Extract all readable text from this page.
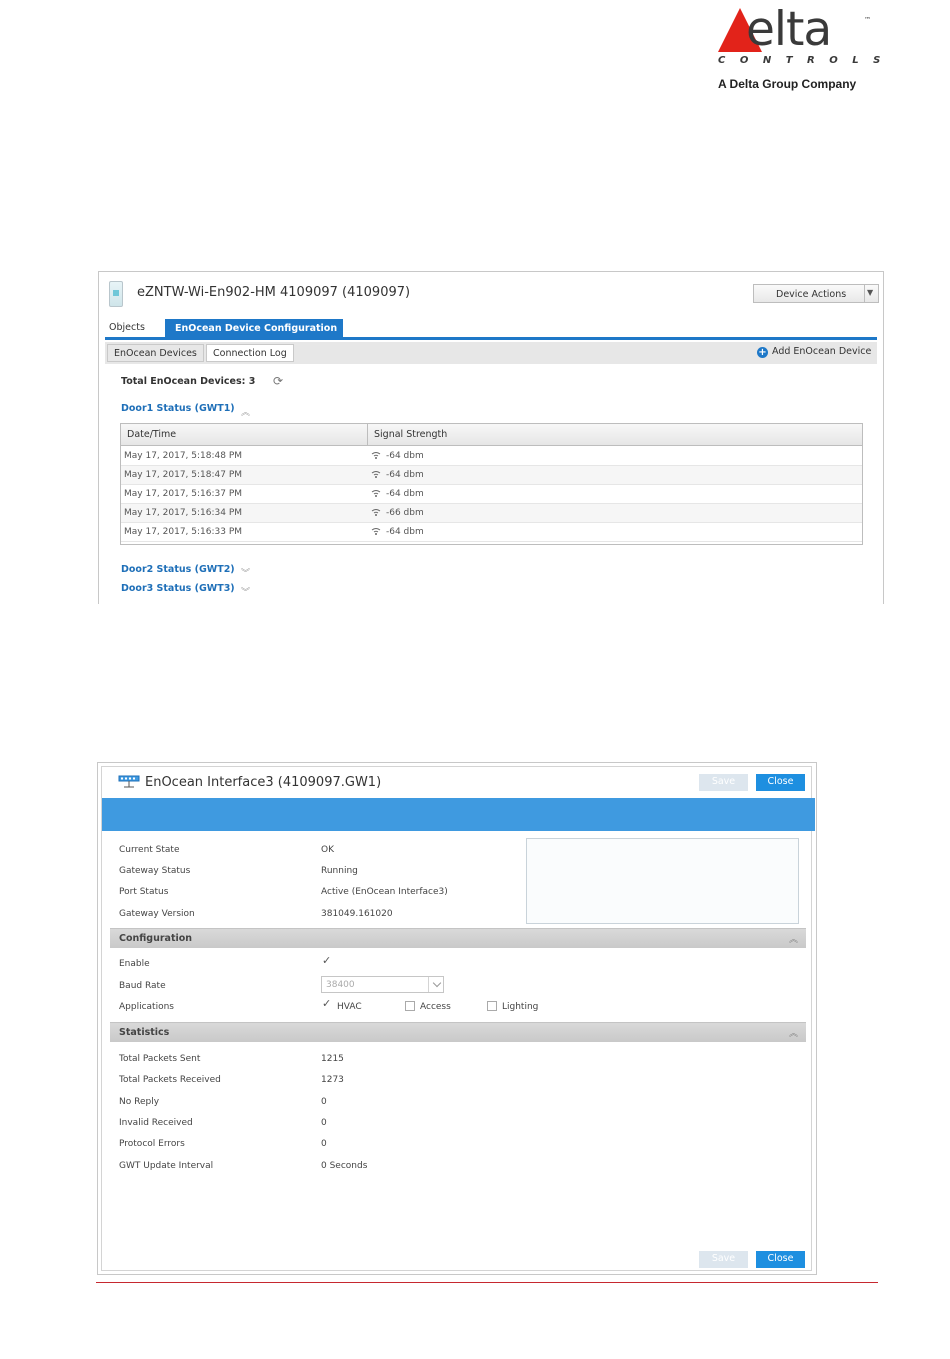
elta	™
CONTROLS
A Delta Group Company
eZNTW-Wi-En902-HM 4109097 (4109097)	Device Actions	▼
Objects	EnOcean Device Configuration
EnOcean Devices	Connection Log	+ Add EnOcean Device
Total EnOcean Devices: 3 ⟳
Door1 Status (GWT1) ︽
Date/Time	Signal Strength
May 17, 2017, 5:18:48 PM	-64 dbm
May 17, 2017, 5:18:47 PM	-64 dbm
May 17, 2017, 5:16:37 PM	-64 dbm
May 17, 2017, 5:16:34 PM	-66 dbm
May 17, 2017, 5:16:33 PM	-64 dbm
Door2 Status (GWT2) ︾
Door3 Status (GWT3) ︾
EnOcean Interface3 (4109097.GW1)	Save	Close
Current State	OK
Gateway Status	Running
Port Status	Active (EnOcean Interface3)
Gateway Version	381049.161020
Configuration	︽
Enable	✓
Baud Rate	38400
Applications	✓ HVAC	Access	Lighting
Statistics	︽
Total Packets Sent	1215
Total Packets Received	1273
No Reply	0
Invalid Received	0
Protocol Errors	0
GWT Update Interval	0 Seconds
Save	Close
